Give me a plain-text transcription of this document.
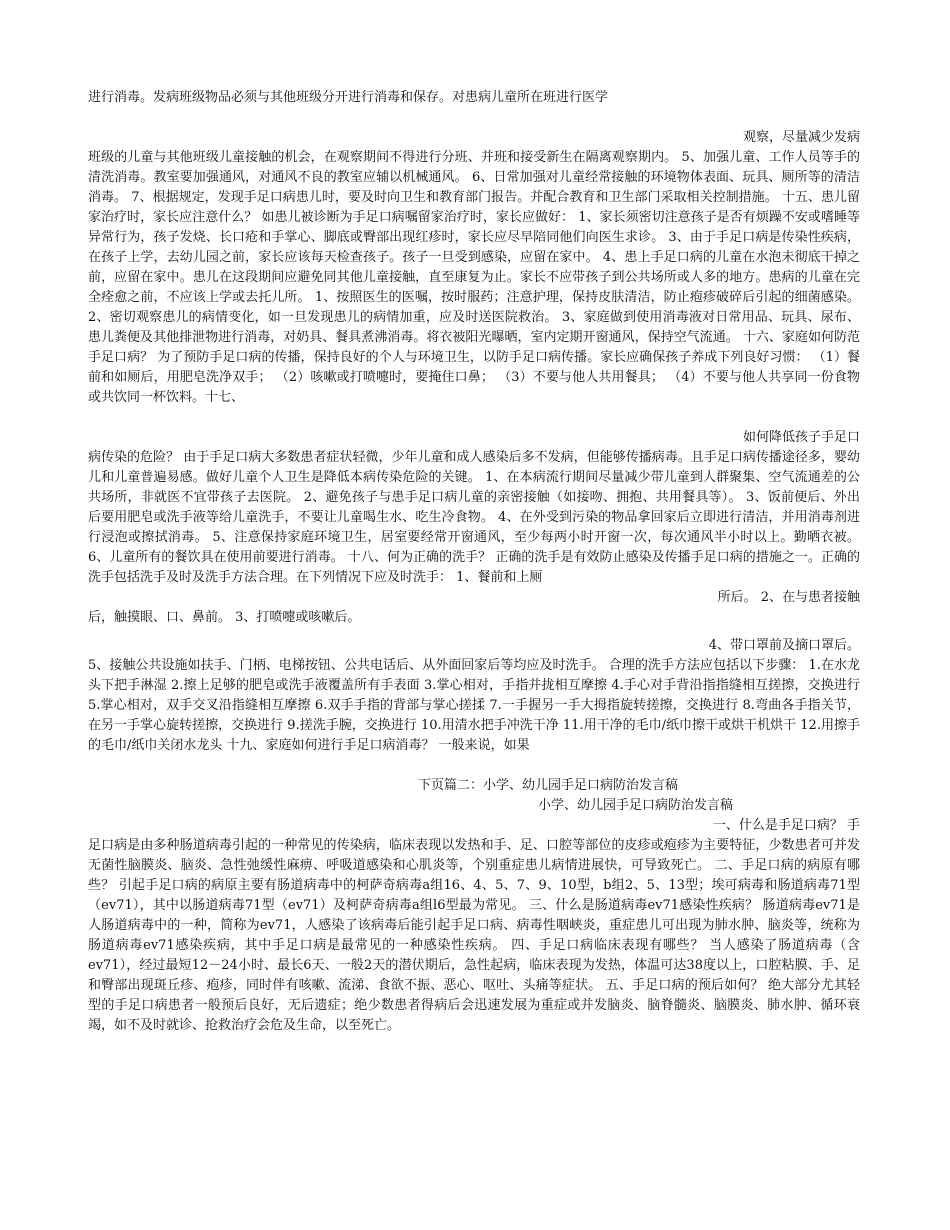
进行消毒。发病班级物品必须与其他班级分开进行消毒和保存。对患病儿童所在班进行医学

观察，尽量减少发病

班级的儿童与其他班级儿童接触的机会，在观察期间不得进行分班、并班和接受新生在隔离观察期内。 5、加强儿童、工作人员等手的清洗消毒。教室要加强通风，对通风不良的教室应辅以机械通风。 6、日常加强对儿童经常接触的环境物体表面、玩具、厕所等的清洁消毒。 7、根据规定，发现手足口病患儿时，要及时向卫生和教育部门报告。并配合教育和卫生部门采取相关控制措施。 十五、患儿留家治疗时，家长应注意什么？ 如患儿被诊断为手足口病嘱留家治疗时，家长应做好： 1、家长须密切注意孩子是否有烦躁不安或嗜睡等异常行为，孩子发烧、长口疮和手掌心、脚底或臀部出现红疹时，家长应尽早陪同他们向医生求诊。 3、由于手足口病是传染性疾病，在孩子上学，去幼儿园之前，家长应该每天检查孩子。孩子一旦受到感染，应留在家中。 4、患上手足口病的儿童在水泡未彻底干掉之前，应留在家中。患儿在这段期间应避免同其他儿童接触，直至康复为止。家长不应带孩子到公共场所或人多的地方。患病的儿童在完全痊愈之前，不应该上学或去托儿所。 1、按照医生的医嘱，按时服药；注意护理，保持皮肤清洁，防止疱疹破碎后引起的细菌感染。 2、密切观察患儿的病情变化，如一旦发现患儿的病情加重，应及时送医院救治。 3、家庭做到使用消毒液对日常用品、玩具、尿布、患儿粪便及其他排泄物进行消毒，对奶具、餐具煮沸消毒。将衣被阳光曝晒，室内定期开窗通风，保持空气流通。 十六、家庭如何防范手足口病？ 为了预防手足口病的传播，保持良好的个人与环境卫生，以防手足口病传播。家长应确保孩子养成下列良好习惯： （1）餐前和如厕后，用肥皂洗净双手； （2）咳嗽或打喷嚏时，要掩住口鼻； （3）不要与他人共用餐具； （4）不要与他人共享同一份食物或共饮同一杯饮料。十七、

如何降低孩子手足口

病传染的危险？ 由于手足口病大多数患者症状轻微，少年儿童和成人感染后多不发病，但能够传播病毒。且手足口病传播途径多，婴幼儿和儿童普遍易感。做好儿童个人卫生是降低本病传染危险的关键。 1、在本病流行期间尽量减少带儿童到人群聚集、空气流通差的公共场所，非就医不宜带孩子去医院。 2、避免孩子与患手足口病儿童的亲密接触（如接吻、拥抱、共用餐具等）。 3、饭前便后、外出后要用肥皂或洗手液等给儿童洗手，不要让儿童喝生水、吃生冷食物。 4、在外受到污染的物品拿回家后立即进行清洁，并用消毒剂进行浸泡或擦拭消毒。 5、注意保持家庭环境卫生，居室要经常开窗通风，至少每两小时开窗一次，每次通风半小时以上。勤晒衣被。 6、儿童所有的餐饮具在使用前要进行消毒。 十八、何为正确的洗手？ 正确的洗手是有效防止感染及传播手足口病的措施之一。正确的洗手包括洗手及时及洗手方法合理。在下列情况下应及时洗手： 1、餐前和上厕

所后。 2、在与患者接触

后，触摸眼、口、鼻前。 3、打喷嚏或咳嗽后。

4、带口罩前及摘口罩后。

5、接触公共设施如扶手、门柄、电梯按钮、公共电话后、从外面回家后等均应及时洗手。 合理的洗手方法应包括以下步骤： 1.在水龙头下把手淋湿 2.擦上足够的肥皂或洗手液覆盖所有手表面 3.掌心相对，手指并拢相互摩擦 4.手心对手背沿指指缝相互搓擦，交换进行 5.掌心相对，双手交叉沿指缝相互摩擦 6.双手手指的背部与掌心搓揉 7.一手握另一手大拇指旋转搓擦，交换进行 8.弯曲各手指关节，在另一手掌心旋转搓擦，交换进行 9.搓洗手腕，交换进行 10.用清水把手冲洗干净 11.用干净的毛巾/纸巾擦干或烘干机烘干 12.用擦手的毛巾/纸巾关闭水龙头 十九、家庭如何进行手足口病消毒？ 一般来说，如果

下页篇二：小学、幼儿园手足口病防治发言稿

小学、幼儿园手足口病防治发言稿

一、什么是手足口病？ 手

足口病是由多种肠道病毒引起的一种常见的传染病，临床表现以发热和手、足、口腔等部位的皮疹或疱疹为主要特征，少数患者可并发无菌性脑膜炎、脑炎、急性弛缓性麻痹、呼吸道感染和心肌炎等，个别重症患儿病情进展快，可导致死亡。 二、手足口病的病原有哪些？ 引起手足口病的病原主要有肠道病毒中的柯萨奇病毒a组16、4、5、7、9、10型，b组2、5、13型；埃可病毒和肠道病毒71型（ev71），其中以肠道病毒71型（ev71）及柯萨奇病毒a组l6型最为常见。 三、什么是肠道病毒ev71感染性疾病？ 肠道病毒ev71是人肠道病毒中的一种，简称为ev71，人感染了该病毒后能引起手足口病、病毒性咽峡炎，重症患儿可出现为肺水肿、脑炎等，统称为肠道病毒ev71感染疾病，其中手足口病是最常见的一种感染性疾病。 四、手足口病临床表现有哪些？ 当人感染了肠道病毒（含ev71），经过最短12－24小时、最长6天、一般2天的潜伏期后，急性起病，临床表现为发热，体温可达38度以上，口腔粘膜、手、足和臀部出现斑丘疹、疱疹，同时伴有咳嗽、流涕、食欲不振、恶心、呕吐、头痛等症状。 五、手足口病的预后如何？ 绝大部分尤其轻型的手足口病患者一般预后良好，无后遗症；绝少数患者得病后会迅速发展为重症或并发脑炎、脑脊髓炎、脑膜炎、肺水肿、循环衰竭，如不及时就诊、抢救治疗会危及生命，以至死亡。
